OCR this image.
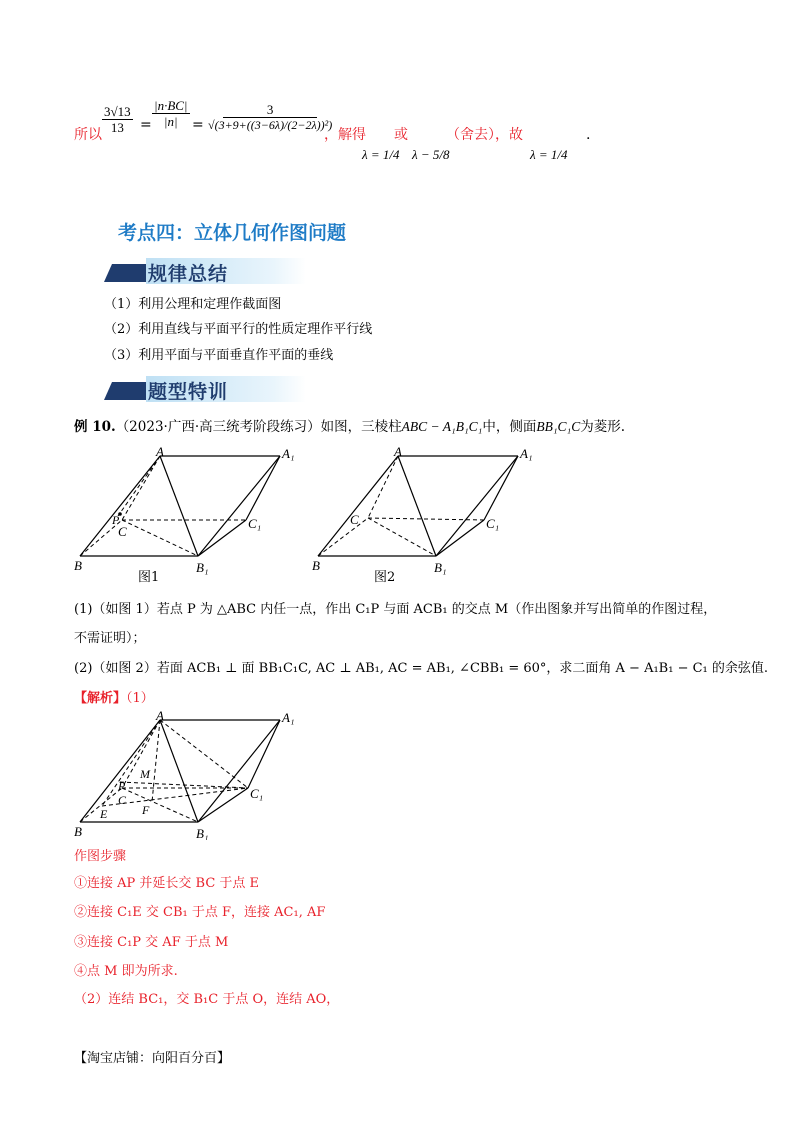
所以 $\frac{3√13}{13} = \frac{|n\cdot BC|}{|n|} = \frac{3}{\text{√(3+9+((3−6λ)/(2−2λ))²)}}$
，解得
λ = 1/4
或
λ − 5/8
（舍去），故
λ = 1/4
.
考点四：立体几何作图问题
规律总结
（1）利用公理和定理作截面图
（2）利用直线与平面平行的性质定理作平行线
（3）利用平面与平面垂直作平面的垂线
题型特训
例 10.（2023·广西·高三统考阶段练习）如图，三棱柱ABC − A₁B₁C₁中，侧面BB₁C₁C为菱形.
A	A₁
B	B₁
C
C₁
P
图1
A	A₁
B	B₁
C	C₁
图2
(1)（如图 1）若点 P 为 △ABC 内任一点，作出 C₁P 与面 ACB₁ 的交点 M（作出图象并写出简单的作图过程，
不需证明）；
(2)（如图 2）若面 ACB₁ ⊥ 面 BB₁C₁C, AC ⊥ AB₁, AC = AB₁, ∠CBB₁ = 60°，求二面角 A − A₁B₁ − C₁ 的余弦值.
【解析】（1）
A	A₁
B	B₁
C	C₁
P
M
E	F
作图步骤
①连接 AP 并延长交 BC 于点 E
②连接 C₁E 交 CB₁ 于点 F，连接 AC₁, AF
③连接 C₁P 交 AF 于点 M
④点 M 即为所求.
（2）连结 BC₁，交 B₁C 于点 O，连结 AO，
【淘宝店铺：向阳百分百】
